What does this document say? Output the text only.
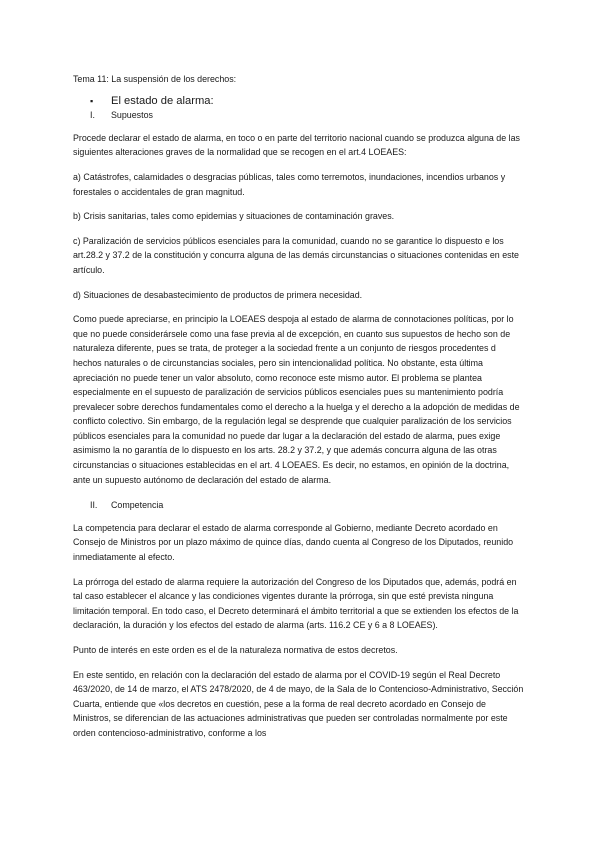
Tema 11: La suspensión de los derechos:

▪	El estado de alarma:
I.	Supuestos

Procede declarar el estado de alarma, en toco o en parte del territorio nacional cuando se produzca alguna de las siguientes alteraciones graves de la normalidad que se recogen en el art.4 LOEAES:

a) Catástrofes, calamidades o desgracias públicas, tales como terremotos, inundaciones, incendios urbanos y forestales o accidentales de gran magnitud.

b) Crisis sanitarias, tales como epidemias y situaciones de contaminación graves.

c) Paralización de servicios públicos esenciales para la comunidad, cuando no se garantice lo dispuesto e los art.28.2 y 37.2 de la constitución y concurra alguna de las demás circunstancias o situaciones contenidas en este artículo.

d) Situaciones de desabastecimiento de productos de primera necesidad.

Como puede apreciarse, en principio la LOEAES despoja al estado de alarma de connotaciones políticas, por lo que no puede considerársele como una fase previa al de excepción, en cuanto sus supuestos de hecho son de naturaleza diferente, pues se trata, de proteger a la sociedad frente a un conjunto de riesgos procedentes d hechos naturales o de circunstancias sociales, pero sin intencionalidad política. No obstante, esta última apreciación no puede tener un valor absoluto, como reconoce este mismo autor. El problema se plantea especialmente en el supuesto de paralización de servicios públicos esenciales pues su mantenimiento podría prevalecer sobre derechos fundamentales como el derecho a la huelga y el derecho a la adopción de medidas de conflicto colectivo. Sin embargo, de la regulación legal se desprende que cualquier paralización de los servicios públicos esenciales para la comunidad no puede dar lugar a la declaración del estado de alarma, pues exige asimismo la no garantía de lo dispuesto en los arts. 28.2 y 37.2, y que además concurra alguna de las otras circunstancias o situaciones establecidas en el art. 4 LOEAES. Es decir, no estamos, en opinión de la doctrina, ante un supuesto autónomo de declaración del estado de alarma.

II.	Competencia

La competencia para declarar el estado de alarma corresponde al Gobierno, mediante Decreto acordado en Consejo de Ministros por un plazo máximo de quince días, dando cuenta al Congreso de los Diputados, reunido inmediatamente al efecto.

La prórroga del estado de alarma requiere la autorización del Congreso de los Diputados que, además, podrá en tal caso establecer el alcance y las condiciones vigentes durante la prórroga, sin que esté prevista ninguna limitación temporal. En todo caso, el Decreto determinará el ámbito territorial a que se extienden los efectos de la declaración, la duración y los efectos del estado de alarma (arts. 116.2 CE y 6 a 8 LOEAES).

Punto de interés en este orden es el de la naturaleza normativa de estos decretos.

En este sentido, en relación con la declaración del estado de alarma por el COVID-19 según el Real Decreto 463/2020, de 14 de marzo, el ATS 2478/2020, de 4 de mayo, de la Sala de lo Contencioso-Administrativo, Sección Cuarta, entiende que «los decretos en cuestión, pese a la forma de real decreto acordado en Consejo de Ministros, se diferencian de las actuaciones administrativas que pueden ser controladas normalmente por este orden contencioso-administrativo, conforme a los
